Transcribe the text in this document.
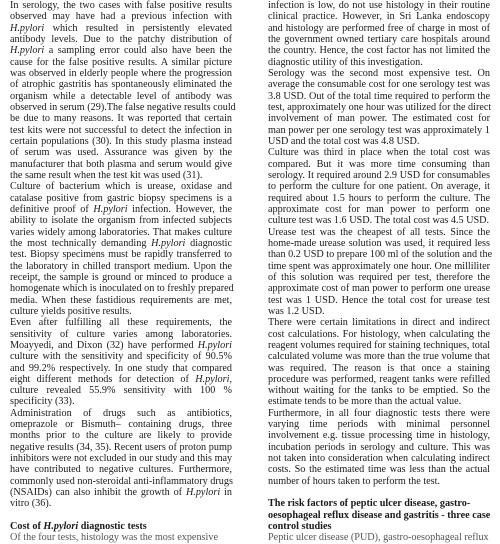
In serology, the two cases with false positive results
observed may have had a previous infection with
H.pylori which resulted in persistently elevated
antibody levels. Due to the patchy distribution of
H.pylori a sampling error could also have been the
cause for the false positive results. A similar picture
was observed in elderly people where the progression
of atrophic gastritis has spontaneously eliminated the
organism while a detectable level of antibody was
observed in serum (29).The false negative results could
be due to many reasons. It was reported that certain
test kits were not successful to detect the infection in
certain populations (30). In this study plasma instead
of serum was used. Assurance was given by the
manufacturer that both plasma and serum would give
the same result when the test kit was used (31).
Culture of bacterium which is urease, oxidase and
catalase positive from gastric biopsy specimens is a
definitive proof of H.pylori infection. However, the
ability to isolate the organism from infected subjects
varies widely among laboratories. That makes culture
the most technically demanding H.pylori diagnostic
test. Biopsy specimens must be rapidly transferred to
the laboratory in chilled transport medium. Upon the
receipt, the sample is ground or minced to produce a
homogenate which is inoculated on to freshly prepared
media. When these fastidious requirements are met,
culture yields positive results.
Even after fulfilling all these requirements, the
sensitivity of culture varies among laboratories.
Moayyedi, and Dixon (32) have performed H.pylori
culture with the sensitivity and specificity of 90.5%
and 99.2% respectively. In one study that compared
eight different methods for detection of H.pylori,
culture revealed 55.9% sensitivity with 100 %
specificity (33).
Administration of drugs such as antibiotics,
omeprazole or Bismuth– containing drugs, three
months prior to the culture are likely to provide
negative results (34, 35). Recent users of proton pump
inhibitors were not excluded in our study and this may
have contributed to negative cultures. Furthermore,
commonly used non-steroidal anti-inflammatory drugs
(NSAIDs) can also inhibit the growth of H.pylori in
vitro (36).

Cost of H.pylori diagnostic tests
Of the four tests, histology was the most expensive
infection is low, do not use histology in their routine
clinical practice. However, in Sri Lanka endoscopy
and histology are performed free of charge in most of
the government owned tertiary care hospitals around
the country. Hence, the cost factor has not limited the
diagnostic utility of this investigation.
Serology was the second most expensive test. On
average the consumable cost for one serology test was
3.8 USD. Out of the total time required to perform the
test, approximately one hour was utilized for the direct
involvement of man power. The estimated cost for
man power per one serology test was approximately 1
USD and the total cost was 4.8 USD.
Culture was third in place when the total cost was
compared. But it was more time consuming than
serology. It required around 2.9 USD for consumables
to perform the culture for one patient. On average, it
required about 1.5 hours to perform the culture. The
approximate cost for man power to perform one
culture test was 1.6 USD. The total cost was 4.5 USD.
Urease test was the cheapest of all tests. Since the
home-made urease solution was used, it required less
than 0.2 USD to prepare 100 ml of the solution and the
time spent was approximately one hour. One milliliter
of this solution was required per test, therefore the
approximate cost of man power to perform one urease
test was 1 USD. Hence the total cost for urease test
was 1.2 USD.
There were certain limitations in direct and indirect
cost calculations. For histology, when calculating the
reagent volumes required for staining techniques, total
calculated volume was more than the true volume that
was required. The reason is that once a staining
procedure was performed, reagent tanks were refilled
without waiting for the tanks to be emptied. So the
estimate tends to be more than the actual value.
Furthermore, in all four diagnostic tests there were
varying time periods with minimal personnel
involvement e.g. tissue processing time in histology,
incubation periods in serology and culture. This was
not taken into consideration when calculating indirect
costs. So the estimated time was less than the actual
number of hours taken to perform the test.

The risk factors of peptic ulcer disease, gastro-
oesophageal reflux disease and gastritis - three case
control studies
Peptic ulcer disease (PUD), gastro-oesophageal reflux
